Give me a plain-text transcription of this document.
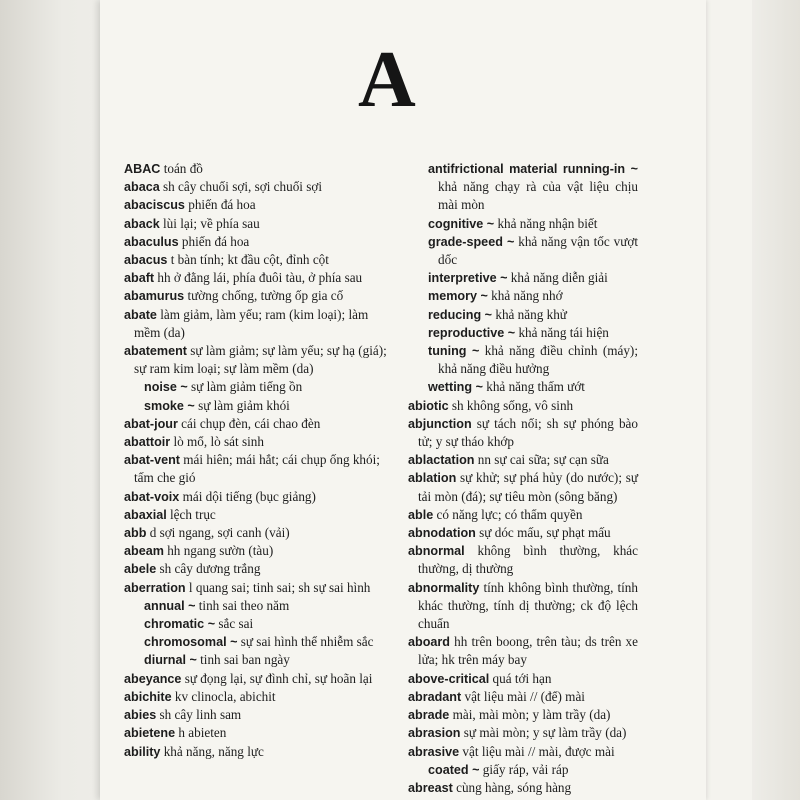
A
ABAC toán đồ
abaca sh cây chuối sợi, sợi chuối sợi
abaciscus phiến đá hoa
aback lùi lại; về phía sau
abaculus phiến đá hoa
abacus t bàn tính; kt đầu cột, đỉnh cột
abaft hh ở đằng lái, phía đuôi tàu, ở phía sau
abamurus tường chống, tường ốp gia cố
abate làm giảm, làm yếu; ram (kim loại); làm mềm (da)
abatement sự làm giảm; sự làm yếu; sự hạ (giá); sự ram kim loại; sự làm mềm (da)
noise ~ sự làm giảm tiếng ồn
smoke ~ sự làm giảm khói
abat-jour cái chụp đèn, cái chao đèn
abattoir lò mổ, lò sát sinh
abat-vent mái hiên; mái hắt; cái chụp ống khói; tấm che gió
abat-voix mái dội tiếng (bục giảng)
abaxial lệch trục
abb d sợi ngang, sợi canh (vải)
abeam hh ngang sườn (tàu)
abele sh cây dương trắng
aberration l quang sai; tinh sai; sh sự sai hình
annual ~ tinh sai theo năm
chromatic ~ sắc sai
chromosomal ~ sự sai hình thể nhiễm sắc
diurnal ~ tinh sai ban ngày
abeyance sự đọng lại, sự đình chỉ, sự hoãn lại
abichite kv clinocla, abichit
abies sh cây linh sam
abietene h abieten
ability khả năng, năng lực
antifrictional material running-in ~ khả năng chạy rà của vật liệu chịu mài mòn
cognitive ~ khả năng nhận biết
grade-speed ~ khả năng vận tốc vượt dốc
interpretive ~ khả năng diễn giải
memory ~ khả năng nhớ
reducing ~ khả năng khử
reproductive ~ khả năng tái hiện
tuning ~ khả năng điều chỉnh (máy); khả năng điều hưởng
wetting ~ khả năng thấm ướt
abiotic sh không sống, vô sinh
abjunction sự tách nối; sh sự phóng bào tử; y sự tháo khớp
ablactation nn sự cai sữa; sự cạn sữa
ablation sự khử; sự phá hủy (do nước); sự tải mòn (đá); sự tiêu mòn (sông băng)
able có năng lực; có thẩm quyền
abnodation sự dóc mấu, sự phạt mấu
abnormal không bình thường, khác thường, dị thường
abnormality tính không bình thường, tính khác thường, tính dị thường; ck độ lệch chuẩn
aboard hh trên boong, trên tàu; ds trên xe lửa; hk trên máy bay
above-critical quá tới hạn
abradant vật liệu mài // (để) mài
abrade mài, mài mòn; y làm trầy (da)
abrasion sự mài mòn; y sự làm trầy (da)
abrasive vật liệu mài // mài, được mài
coated ~ giấy ráp, vải ráp
abreast cùng hàng, sóng hàng
